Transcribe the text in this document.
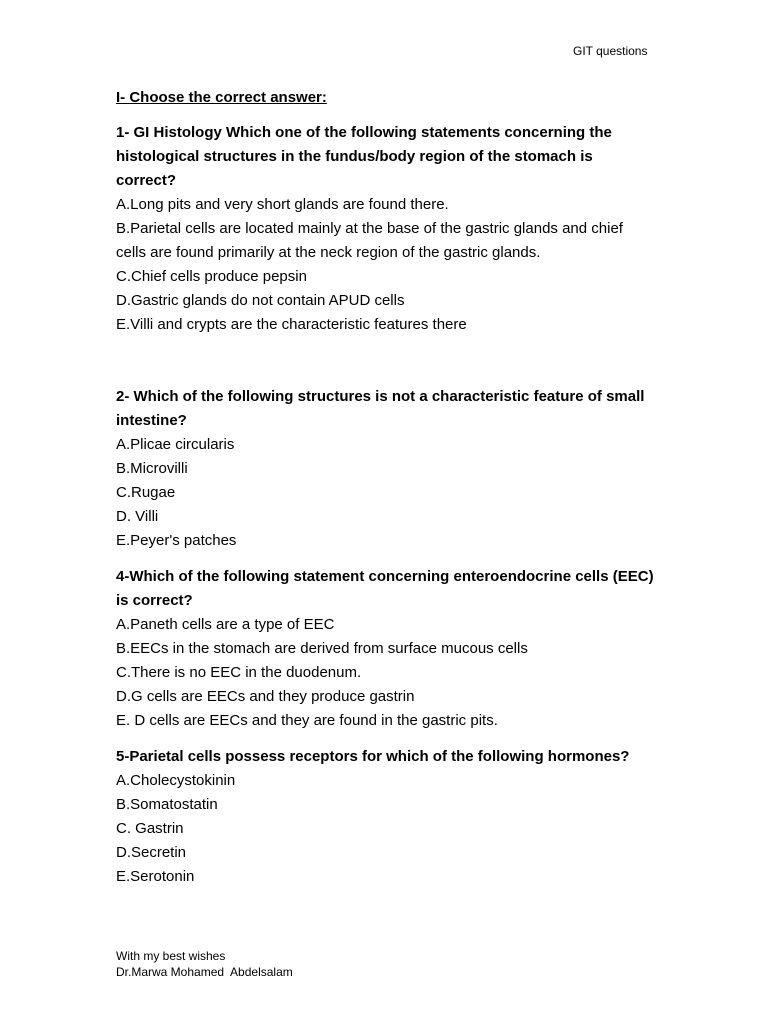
GIT questions
I- Choose the correct answer:
1- GI Histology Which one of the following statements concerning the histological structures in the fundus/body region of the stomach is correct?
A.Long pits and very short glands are found there.
B.Parietal cells are located mainly at the base of the gastric glands and chief cells are found primarily at the neck region of the gastric glands.
C.Chief cells produce pepsin
D.Gastric glands do not contain APUD cells
E.Villi and crypts are the characteristic features there
2- Which of the following structures is not a characteristic feature of small intestine?
A.Plicae circularis
B.Microvilli
C.Rugae
D. Villi
E.Peyer's patches
4-Which of the following statement concerning enteroendocrine cells (EEC) is correct?
A.Paneth cells are a type of EEC
B.EECs in the stomach are derived from surface mucous cells
C.There is no EEC in the duodenum.
D.G cells are EECs and they produce gastrin
E. D cells are EECs and they are found in the gastric pits.
5-Parietal cells possess receptors for which of the following hormones?
A.Cholecystokinin
B.Somatostatin
C. Gastrin
D.Secretin
E.Serotonin
With my best wishes
Dr.Marwa Mohamed  Abdelsalam
